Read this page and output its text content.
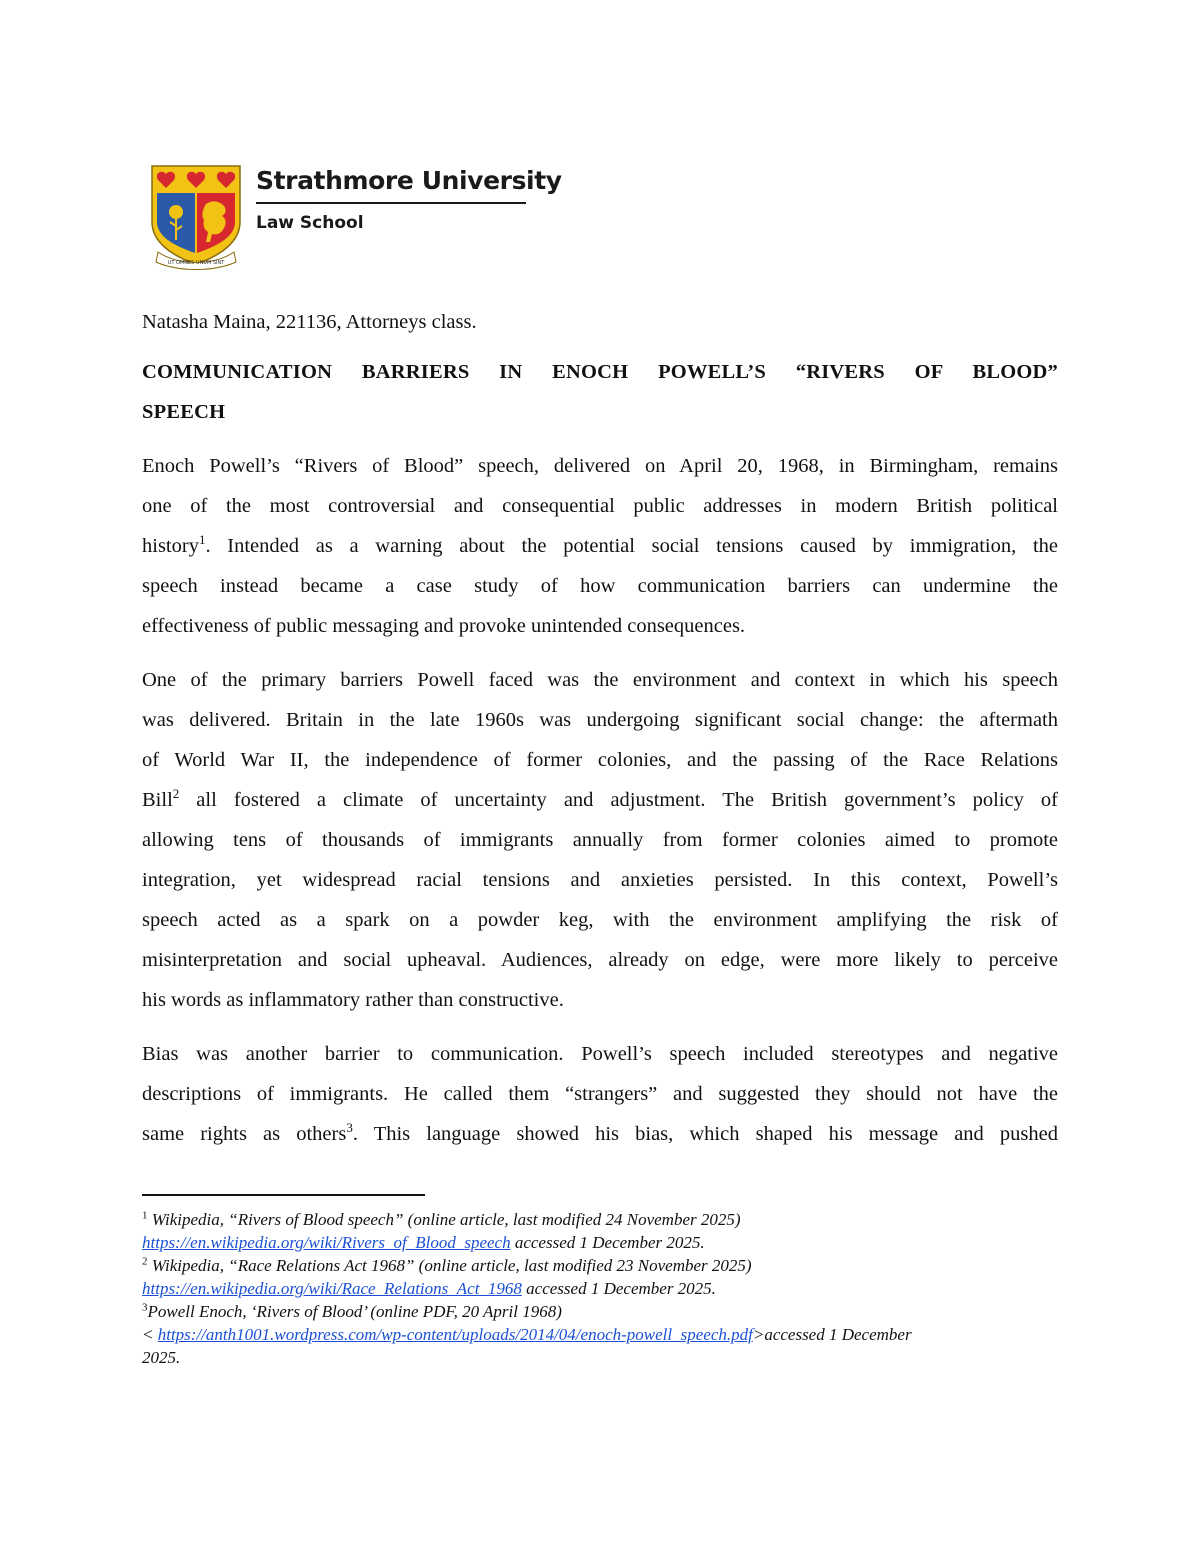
UT OMNES UNUM SINT
Strathmore University
Law School
Natasha Maina, 221136, Attorneys class.
COMMUNICATION BARRIERS IN ENOCH POWELL’S “RIVERS OF BLOOD”
SPEECH
Enoch Powell’s “Rivers of Blood” speech, delivered on April 20, 1968, in Birmingham, remains
one of the most controversial and consequential public addresses in modern British political
history$^1$. Intended as a warning about the potential social tensions caused by immigration, the
speech instead became a case study of how communication barriers can undermine the
effectiveness of public messaging and provoke unintended consequences.
One of the primary barriers Powell faced was the environment and context in which his speech
was delivered. Britain in the late 1960s was undergoing significant social change: the aftermath
of World War II, the independence of former colonies, and the passing of the Race Relations
Bill$^2$ all fostered a climate of uncertainty and adjustment. The British government’s policy of
allowing tens of thousands of immigrants annually from former colonies aimed to promote
integration, yet widespread racial tensions and anxieties persisted. In this context, Powell’s
speech acted as a spark on a powder keg, with the environment amplifying the risk of
misinterpretation and social upheaval. Audiences, already on edge, were more likely to perceive
his words as inflammatory rather than constructive.
Bias was another barrier to communication. Powell’s speech included stereotypes and negative
descriptions of immigrants. He called them “strangers” and suggested they should not have the
same rights as others$^3$. This language showed his bias, which shaped his message and pushed
$^1$ Wikipedia, “Rivers of Blood speech” (online article, last modified 24 November 2025)
https://en.wikipedia.org/wiki/Rivers_of_Blood_speech accessed 1 December 2025.
$^2$ Wikipedia, “Race Relations Act 1968” (online article, last modified 23 November 2025)
https://en.wikipedia.org/wiki/Race_Relations_Act_1968 accessed 1 December 2025.
$^3$Powell Enoch, ‘Rivers of Blood’ (online PDF, 20 April 1968)
< https://anth1001.wordpress.com/wp-content/uploads/2014/04/enoch-powell_speech.pdf>accessed 1 December
2025.
